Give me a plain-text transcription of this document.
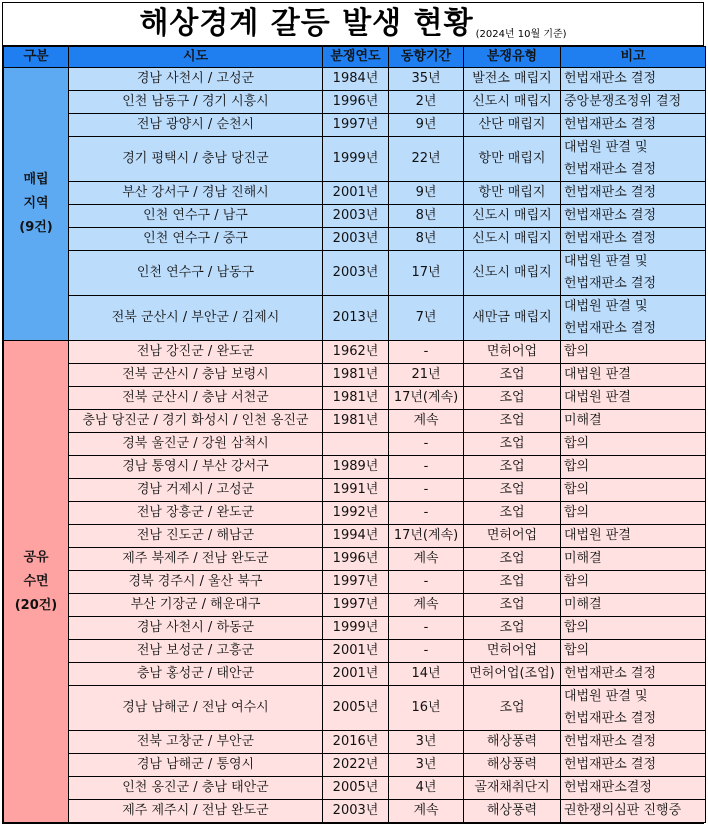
해상경계 갈등 발생 현황 (2024년 10월 기준)
구분	시도	분쟁연도	동향기간	분쟁유형	비고

매립
지역
(9건)	경남 사천시 / 고성군	1984년	35년	발전소 매립지	헌법재판소 결정

	인천 남동구 / 경기 시흥시	1996년	2년	신도시 매립지	중앙분쟁조정위 결정

	전남 광양시 / 순천시	1997년	9년	산단 매립지	헌법재판소 결정

	경기 평택시 / 충남 당진군	1999년	22년	항만 매립지	대법원 판결 및
헌법재판소 결정

	부산 강서구 / 경남 진해시	2001년	9년	항만 매립지	헌법재판소 결정

	인천 연수구 / 남구	2003년	8년	신도시 매립지	헌법재판소 결정

	인천 연수구 / 중구	2003년	8년	신도시 매립지	헌법재판소 결정

	인천 연수구 / 남동구	2003년	17년	신도시 매립지	대법원 판결 및
헌법재판소 결정

	전북 군산시 / 부안군 / 김제시	2013년	7년	새만금 매립지	대법원 판결 및
헌법재판소 결정

공유
수면
(20건)	전남 강진군 / 완도군	1962년	-	면허어업	합의

	전북 군산시 / 충남 보령시	1981년	21년	조업	대법원 판결

	전북 군산시 / 충남 서천군	1981년	17년(계속)	조업	대법원 판결

	충남 당진군 / 경기 화성시 / 인천 옹진군	1981년	계속	조업	미해결

	경북 울진군 / 강원 삼척시		-	조업	합의

	경남 통영시 / 부산 강서구	1989년	-	조업	합의

	경남 거제시 / 고성군	1991년	-	조업	합의

	전남 장흥군 / 완도군	1992년	-	조업	합의

	전남 진도군 / 해남군	1994년	17년(계속)	면허어업	대법원 판결

	제주 북제주 / 전남 완도군	1996년	계속	조업	미해결

	경북 경주시 / 울산 북구	1997년	-	조업	합의

	부산 기장군 / 해운대구	1997년	계속	조업	미해결

	경남 사천시 / 하동군	1999년	-	조업	합의

	전남 보성군 / 고흥군	2001년	-	면허어업	합의

	충남 홍성군 / 태안군	2001년	14년	면허어업(조업)	헌법재판소 결정

	경남 남해군 / 전남 여수시	2005년	16년	조업	대법원 판결 및
헌법재판소 결정

	전북 고창군 / 부안군	2016년	3년	해상풍력	헌법재판소 결정

	경남 남해군 / 통영시	2022년	3년	해상풍력	헌법재판소 결정

	인천 옹진군 / 충남 태안군	2005년	4년	골재채취단지	헌법재판소결정

	제주 제주시 / 전남 완도군	2003년	계속	해상풍력	권한쟁의심판 진행중
